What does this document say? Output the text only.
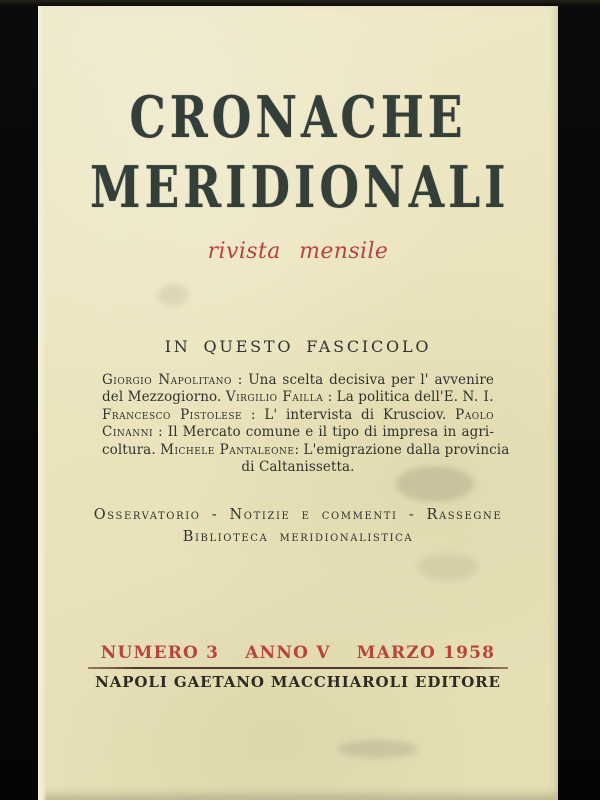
CRONACHE
MERIDIONALI
rivista mensile
IN QUESTO FASCICOLO
Giorgio Napolitano : Una scelta decisiva per l' avvenire
del Mezzogiorno. Virgilio Failla : La politica dell'E. N. I.
Francesco Pistolese : L' intervista di Krusciov. Paolo
Cinanni : Il Mercato comune e il tipo di impresa in agri-
coltura. Michele Pantaleone: L'emigrazione dalla provincia
di Caltanissetta.
Osservatorio - Notizie e commenti - Rassegne
Biblioteca meridionalistica
NUMERO 3 ANNO V MARZO 1958
NAPOLI GAETANO MACCHIAROLI EDITORE
